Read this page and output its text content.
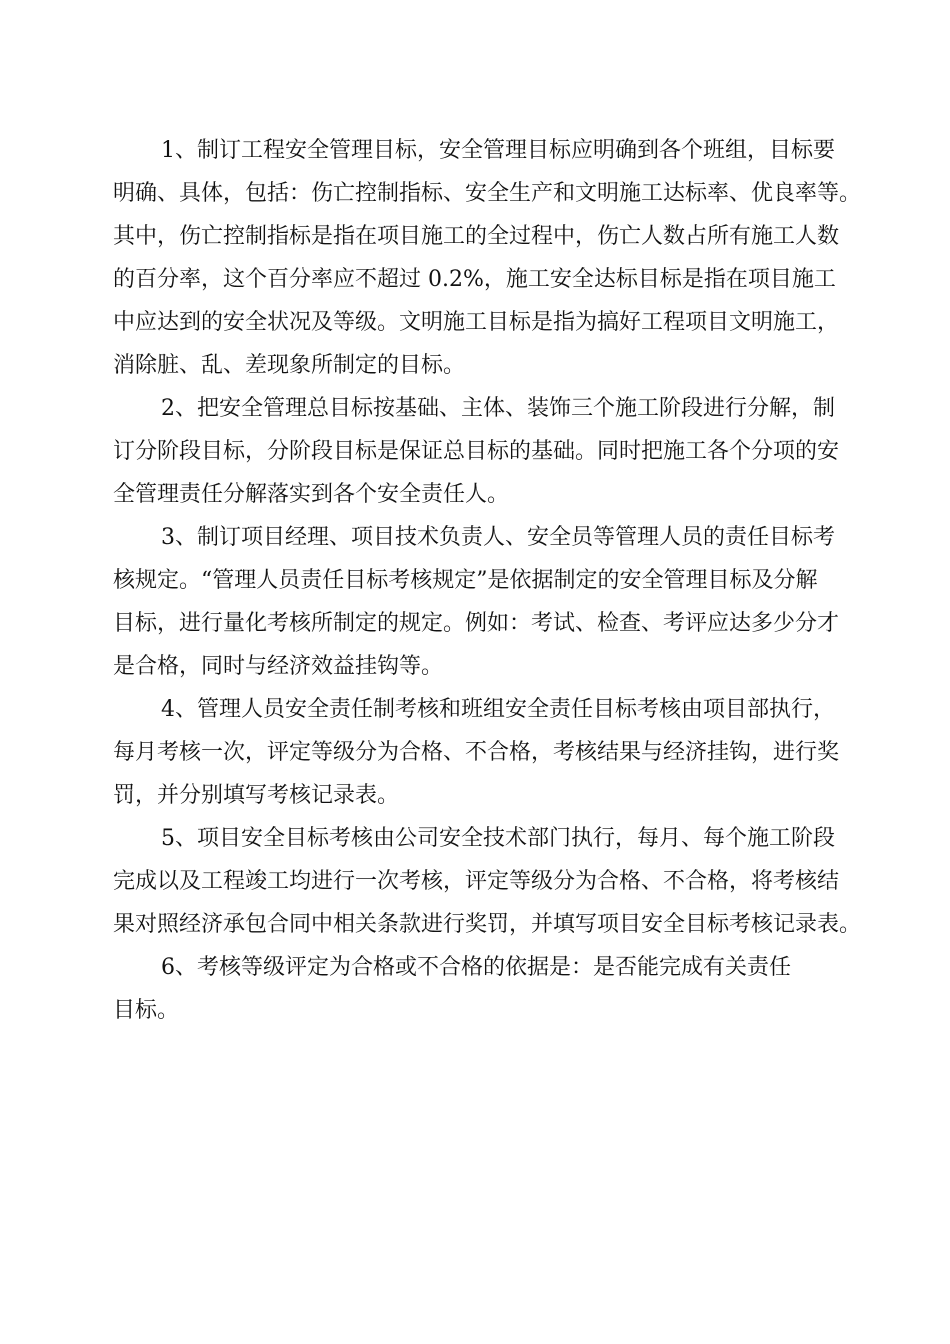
1、制订工程安全管理目标，安全管理目标应明确到各个班组，目标要
明确、具体，包括：伤亡控制指标、安全生产和文明施工达标率、优良率等。
其中，伤亡控制指标是指在项目施工的全过程中，伤亡人数占所有施工人数
的百分率，这个百分率应不超过 0.2%，施工安全达标目标是指在项目施工
中应达到的安全状况及等级。文明施工目标是指为搞好工程项目文明施工，
消除脏、乱、差现象所制定的目标。

2、把安全管理总目标按基础、主体、装饰三个施工阶段进行分解，制
订分阶段目标，分阶段目标是保证总目标的基础。同时把施工各个分项的安
全管理责任分解落实到各个安全责任人。

3、制订项目经理、项目技术负责人、安全员等管理人员的责任目标考
核规定。“管理人员责任目标考核规定”是依据制定的安全管理目标及分解
目标，进行量化考核所制定的规定。例如：考试、检查、考评应达多少分才
是合格，同时与经济效益挂钩等。

4、管理人员安全责任制考核和班组安全责任目标考核由项目部执行，
每月考核一次，评定等级分为合格、不合格，考核结果与经济挂钩，进行奖
罚，并分别填写考核记录表。

5、项目安全目标考核由公司安全技术部门执行，每月、每个施工阶段
完成以及工程竣工均进行一次考核，评定等级分为合格、不合格，将考核结
果对照经济承包合同中相关条款进行奖罚，并填写项目安全目标考核记录表。

6、考核等级评定为合格或不合格的依据是：是否能完成有关责任
目标。
